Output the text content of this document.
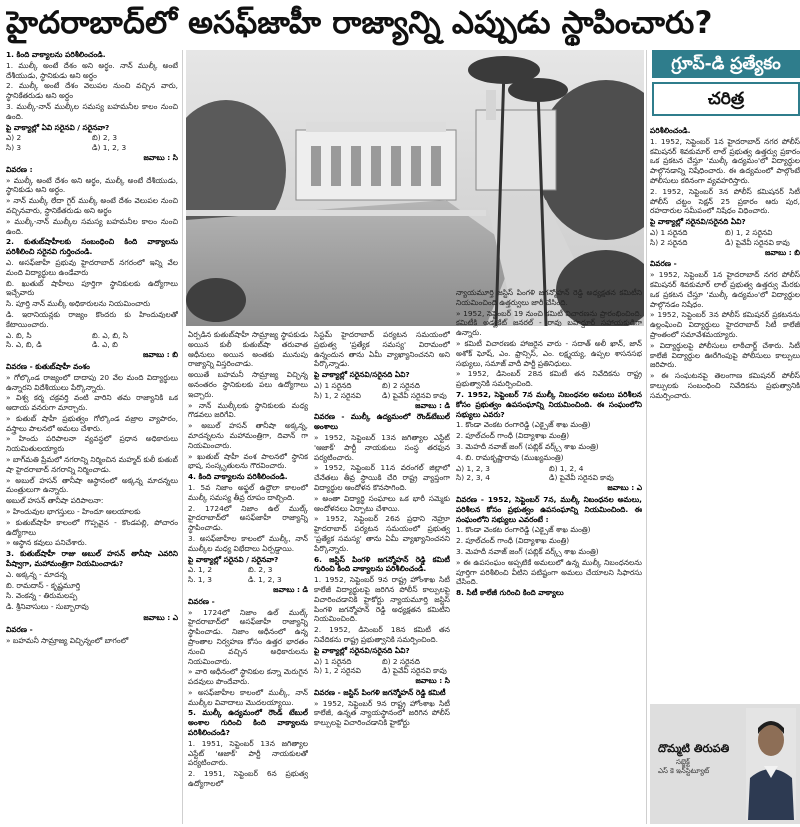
హైదరాబాద్‌లో అసఫ్‌జాహీ రాజ్యాన్ని ఎప్పుడు స్థాపించారు?
గ్రూప్-డి ప్రత్యేకం
చరిత్ర

1. కింది వాక్యాలను పరిశీలించండి.

1. ముల్కీ అంటే దేశం అని అర్థం. నాన్ ముల్కీ అంటే దేశీయుడు, స్థానికుడు అని అర్థం

2. ముల్కీ అంటే దేశం వెలుపల నుంచి వచ్చిన వారు, స్థానికేతరుడు అని అర్థం

3. ముల్కీ-నాన్ ముల్కీల సమస్య బహమనీల కాలం నుంచి ఉంది.

పై వాక్యాల్లో ఏవి సరైనవి / సరైనవా?

ఎ) 2	బి) 2, 3
సి) 3	డి) 1, 2, 3

జవాబు : సి

వివరణ :

» ముల్కీ అంటే దేశం అని అర్థం, ముల్కీ అంటే దేశీయుడు, స్థానికుడు అని అర్థం.

» నాన్ ముల్కీ లేదా గైర్ ముల్కీ అంటే దేశం వెలుపల నుంచి వచ్చినవారు, స్థానికేతరుడు అని అర్థం

» ముల్కీ-నాన్ ముల్కీల సమస్య బహమనీల కాలం నుంచి ఉంది.

2. కుతుబ్‌షాహీలకు సంబంధించి కింది వాక్యాలను పరిశీలించి సరైనవి గుర్తించండి.

ఎ. అసఫ్‌జాహీ ప్రభువు హైదరాబాద్ నగరంలో ఇన్ని వేల మంది విద్యార్థులు ఉండేవారు

బి. ఖుతుబ్ షాహీలు పూర్తిగా స్థానికులకు ఉద్యోగాలు ఇచ్చేవారు

సి. పూర్తి నాన్ ముల్కీ అధికారులను నియమించారు

డి. ఇరానియన్లకు రాజ్యం కొందరు కు హిందువులతో కేటాయించారు.

ఎ. బి, సి	బి. ఎ, బి, సి
సి. ఎ, బి, డి	డి. ఎ, బి

జవాబు : బి

వివరణ - కుతుబ్‌షాహీ వంశం

» గోల్కొండ రాజ్యంలో దాదాపు 20 వేల మంది విద్యార్థులు ఉన్నారని విదేశీయులు పేర్కొన్నారు.

» విశ్వ కర్మ చక్రవర్తి వంటి వారిని తమ రాజ్యానికి ఒక ఆదాయ వనరుగా మార్చారు.

» కుతుబ్ షాహీ ప్రభుత్వం గోల్కొండ వజ్రాల వ్యాపారం, వస్త్రాలు పాలనలో అమలు చేశారు.

» హిందు పరిపాలనా వ్యవస్థలో ప్రధాన అధికారులు నియమితులయ్యారు

» బాగ్‌మతి ప్రేమలో నగరాన్ని నిర్మించిన మహ్మద్ కులీ కుతుబ్ షా హైదరాబాద్ నగరాన్ని నిర్మించాడు.

» అబుల్ హసన్ తానీషా ఆస్థానంలో అక్కన్న మాదన్నలు మంత్రులుగా ఉన్నారు.

అబుల్ హసన్ తానీషా పరిపాలనా:

» హిందువుల భాగస్తులు - హిందూ ఆలయాలకు

» కుతుబ్‌షాహీ కాలంలో గొప్పవైన - కొండపల్లి, పోచారం ఉద్యోగాలు

» ఆస్థాన కవులు పనిచేశారు.

3. కుతుబ్‌షాహీ రాజు అబుల్ హసన్ తానీషా ఎవరిని పేష్వాగా, మహామంత్రిగా నియమించాడు?

ఎ. అక్కన్న - మాదన్న

బి. రామదాస్ - కృష్ణమూర్తి

సి. వెంకన్న - తిరుమలప్ప

డి. శ్రీనివాసులు - సుబ్బారావు

జవాబు : ఎ

వివరణ -

» బహమనీ సామ్రాజ్య విచ్ఛిన్నంలో బాగంలో

ఏర్పడిన కుతుబ్‌షాహీ సామ్రాజ్య స్థాపకుడు అయిన కులీ కుతుబ్‌షా తరువాత ఆధీనులు అయిన అంతకు మునుపు రాజ్యాన్ని విస్తరించాడు.

అయితే బహమనీ సామ్రాజ్య విచ్ఛిన్న అనంతరం స్థానికులకు పలు ఉద్యోగాలు ఇచ్చారు.

» నాన్ ముల్కీలకు స్థానికులకు మధ్య గొడవలు జరిగేవి.

» అబుల్ హసన్ తానీషా అక్కన్న, మాదన్నలను మహామంత్రిగా, దివాన్ గా నియమించారు.

» ఖుతుబ్ షాహీ వంశ పాలనలో స్థానిక భాష, సంస్కృతులను గౌరవించారు.

4. కింది వాక్యాలను పరిశీలించండి.

1. 5వ నిజాం అఫ్జల్ ఉద్దౌలా కాలంలో ముల్కీ సమస్య తీవ్ర రూపం దాల్చింది.

2. 1724లో నిజాం ఉల్ ముల్క్ హైదరాబాద్‌లో అసఫ్‌జాహీ రాజ్యాన్ని స్థాపించాడు.

3. అసఫ్‌జాహీల కాలంలో ముల్కీ, నాన్ ముల్కీల మధ్య విభేదాలు ఏర్పడ్డాయి.

పై వాక్యాల్లో సరైనవి / సరైనవా?

ఎ. 1, 2	బి. 2, 3
సి. 1, 3	డి. 1, 2, 3

జవాబు : డి

వివరణ -

» 1724లో నిజాం ఉల్ ముల్క్ హైదరాబాద్‌లో అసఫ్‌జాహీ రాజ్యాన్ని స్థాపించాడు. నిజాం ఆధీనంలో ఉన్న ప్రాంతాల నిర్వహణ కోసం ఉత్తర భారతం నుంచి వచ్చిన అధికారులను నియమించారు.

» వారి ఆధీనంలో స్థానికుల కన్నా మెరుగైన పదవులు పొందేవారు.

» అసఫ్‌జాహీల కాలంలో ముల్కీ, నాన్ ముల్కీల వివాదాలు మొదలయ్యాయి.

5. ముల్కీ ఉద్యమంలో రౌండ్ టేబుల్ అంశాల గురించి కింది వాక్యాలను పరిశీలించండి?

1. 1951, సెప్టెంబర్ 13న జగిత్యాల ఎస్టేట్ 'ఆజాక్' పార్టీ నాయకులతో పర్యటించారు.

2. 1951, సెప్టెంబర్ 6న ప్రభుత్వ ఉద్యోగాలలో

సిస్టమ్ హైదరాబాద్ పర్యటన సమయంలో ప్రభుత్వ 'ప్రత్యేక సమస్య' విరామంలో ఉన్నందున తాను ఏమీ వ్యాఖ్యానించనని అని పేర్కొన్నాడు.

పై వాక్యాల్లో సరైనవి/సరైనది ఏవి?

ఎ) 1 సరైనది	బి) 2 సరైనది
సి) 1, 2 సరైనవి	డి) పైవేవీ సరైనవి కావు

జవాబు : డి

వివరణ - ముల్కీ ఉద్యమంలో రౌండ్‌టేబుల్ అంశాలు

» 1952, సెప్టెంబర్ 13న జగిత్యాల ఎస్టేట్ 'ఆజాక్' పార్టీ నాయకులు సంస్థ తరఫున పర్యటించారు.

» 1952, సెప్టెంబర్ 11న వరంగల్ జిల్లాలో చేనేతలు తీవ్ర స్థాయికి చేరి రాష్ట్ర వ్యాప్తంగా విద్యార్థుల ఆందోళన కొనసాగింది.

» అంతా విద్యార్థి సంఘాలు ఒక భారీ సమ్మెకు ఆందోళనలు ఏర్పాటు చేశాయి.

» 1952, సెప్టెంబర్ 26న ప్రధాని నెహ్రూ హైదరాబాద్ పర్యటన సమయంలో ప్రభుత్వ 'ప్రత్యేక సమస్య' తాను ఏమీ వ్యాఖ్యానించనని పేర్కొన్నారు.

6. జస్టిస్ పింగళి జగన్మోహన్ రెడ్డి కమిటీ గురించి కింది వాక్యాలను పరిశీలించండి.

1. 1952, సెప్టెంబర్ 9న రాష్ట్ర హోంశాఖ సిటీ కాలేజీ విద్యార్థులపై జరిగిన పోలీస్ కాల్పులపై విచారించడానికి హైకోర్టు న్యాయమూర్తి జస్టిస్ పింగళి జగన్మోహన్ రెడ్డి అధ్యక్షతన కమిటీని నియమించింది.

2. 1952, డిసెంబర్ 18న కమిటీ తన నివేదికను రాష్ట్ర ప్రభుత్వానికి సమర్పించింది.

పై వాక్యాల్లో సరైనవి/సరైనది ఏవి?

ఎ) 1 సరైనది	బి) 2 సరైనది
సి) 1, 2 సరైనవి	డి) పైవేవీ సరైనవి కావు

జవాబు : సి

వివరణ - జస్టిస్ పింగళి జగన్మోహన్ రెడ్డి కమిటీ

» 1952, సెప్టెంబర్ 9న రాష్ట్ర హోంశాఖ సిటీ కాలేజీ, ఉన్నత న్యాయస్థానంలో జరిగిన పోలీస్ కాల్పులపై విచారించడానికి హైకోర్టు

న్యాయమూర్తి జస్టిస్ పింగళి జగన్మోహన్ రెడ్డి అధ్యక్షతన కమిటీని నియమించింది ఉత్తర్వులు జారీ చేసింది.

» 1952, సెప్టెంబర్ 19 నుంచి కమిటీ విచారణను ప్రారంభించింది. కమిటీకి అడ్వకేట్ జనరల్ - రావు బహద్దూర్ సహాయకుడిగా ఉన్నారు.

» కమిటీ విచారణకు హాజరైన వారు - సదాత్ అలీ ఖాన్, జాన్ అశోక్ ఘోష్, ఎం. ఫ్రాన్సిస్, ఎం. లక్ష్మయ్య, ఉప్పల శాసనసభ సభ్యులు, సమాజ్ వాదీ పార్టీ ప్రతినిధులు.

» 1952, డిసెంబర్ 28న కమిటీ తన నివేదికను రాష్ట్ర ప్రభుత్వానికి సమర్పించింది.

7. 1952, సెప్టెంబర్ 7న ముల్కీ నిబంధనల అమలు పరిశీలన కోసం ప్రభుత్వం ఉపసంఘాన్ని నియమించింది. ఈ సంఘంలోని సభ్యులు ఎవరు?

1. కొండా వెంకట రంగారెడ్డి (ఎక్సైజ్ శాఖ మంత్రి)

2. పూల్‌చంద్ గాంధీ (విద్యాశాఖ మంత్రి)

3. మెహదీ నవాజ్ జంగ్ (పబ్లిక్ వర్క్స్ శాఖ మంత్రి)

4. బి. రామకృష్ణారావు (ముఖ్యమంత్రి)

ఎ) 1, 2, 3	బి) 1, 2, 4
సి) 2, 3, 4	డి) పైవేవీ సరైనవి కావు

జవాబు : ఎ

వివరణ - 1952, సెప్టెంబర్ 7న, ముల్కీ నిబంధనల అమలు, పరిశీలన కోసం ప్రభుత్వం ఉపసంఘాన్ని నియమించింది. ఈ సంఘంలోని సభ్యులు ఎవరంటే :

1. కొండా వెంకట రంగారెడ్డి (ఎక్సైజ్ శాఖ మంత్రి)

2. పూల్‌చంద్ గాంధీ (విద్యాశాఖ మంత్రి)

3. మెహదీ నవాజ్ జంగ్ (పబ్లిక్ వర్క్స్ శాఖ మంత్రి)

» ఈ ఉపసంఘం అప్పటికే అమలులో ఉన్న ముల్కీ నిబంధనలను పూర్తిగా పరిశీలించి వీటిని పటిష్టంగా అమలు చేయాలని సిఫారసు చేసింది.

8. సిటీ కాలేజీ గురించి కింది వాక్యాలు

పరిశీలించండి.

1. 1952, సెప్టెంబర్ 1న హైదరాబాద్ నగర పోలీస్ కమిషనర్ శివకుమార్ లాల్ ప్రభుత్వ ఉత్తర్వు ప్రకారం ఒక ప్రకటన చేస్తూ 'ముల్కీ ఉద్యమం'లో విద్యార్థుల పాల్గొనడాన్ని నిషేధించారు. ఈ ఉద్యమంలో పాల్గొంటే పోలీసులు కఠినంగా వ్యవహరిస్తారు.

2. 1952, సెప్టెంబర్ 3న పోలీస్ కమిషనర్ సిటీ పోలీస్ చట్టం సెక్షన్ 25 ప్రకారం ఆరు పుర, రహదారుల సమీపంలో నిషేధం విధించారు.

పై వాక్యాల్లో సరైనవి/సరైనది ఏవి?

ఎ) 1 సరైనది	బి) 1, 2 సరైనవి
సి) 2 సరైనది	డి) పైవేవీ సరైనవి కావు

జవాబు : బి

వివరణ -

» 1952, సెప్టెంబర్ 1న హైదరాబాద్ నగర పోలీస్ కమిషనర్ శివకుమార్ లాల్ ప్రభుత్వ ఉత్తర్వు మేరకు ఒక ప్రకటన చేస్తూ 'ముల్కీ ఉద్యమం'లో విద్యార్థుల పాల్గొనడం నిషేధం.

» 1952, సెప్టెంబర్ 3న పోలీస్ కమిషనర్ ప్రకటనను ఉల్లంఘించి విద్యార్థులు హైదరాబాద్ సిటీ కాలేజీ ప్రాంతంలో సమావేశమయ్యారు.

» విద్యార్థులపై పోలీసులు లాఠీచార్జ్ చేశారు. సిటీ కాలేజీ విద్యార్థుల ఊరేగింపుపై పోలీసులు కాల్పులు జరిపారు.

» ఈ సంఘటనపై తెలంగాణ కమిషనర్ పోలీస్ కాల్పులకు సంబంధించి నివేదికను ప్రభుత్వానికి సమర్పించారు.

దొమ్మటి తిరుపతి
సబ్జెక్ట్
ఎస్ కె ఇన్‌స్టిట్యూట్
